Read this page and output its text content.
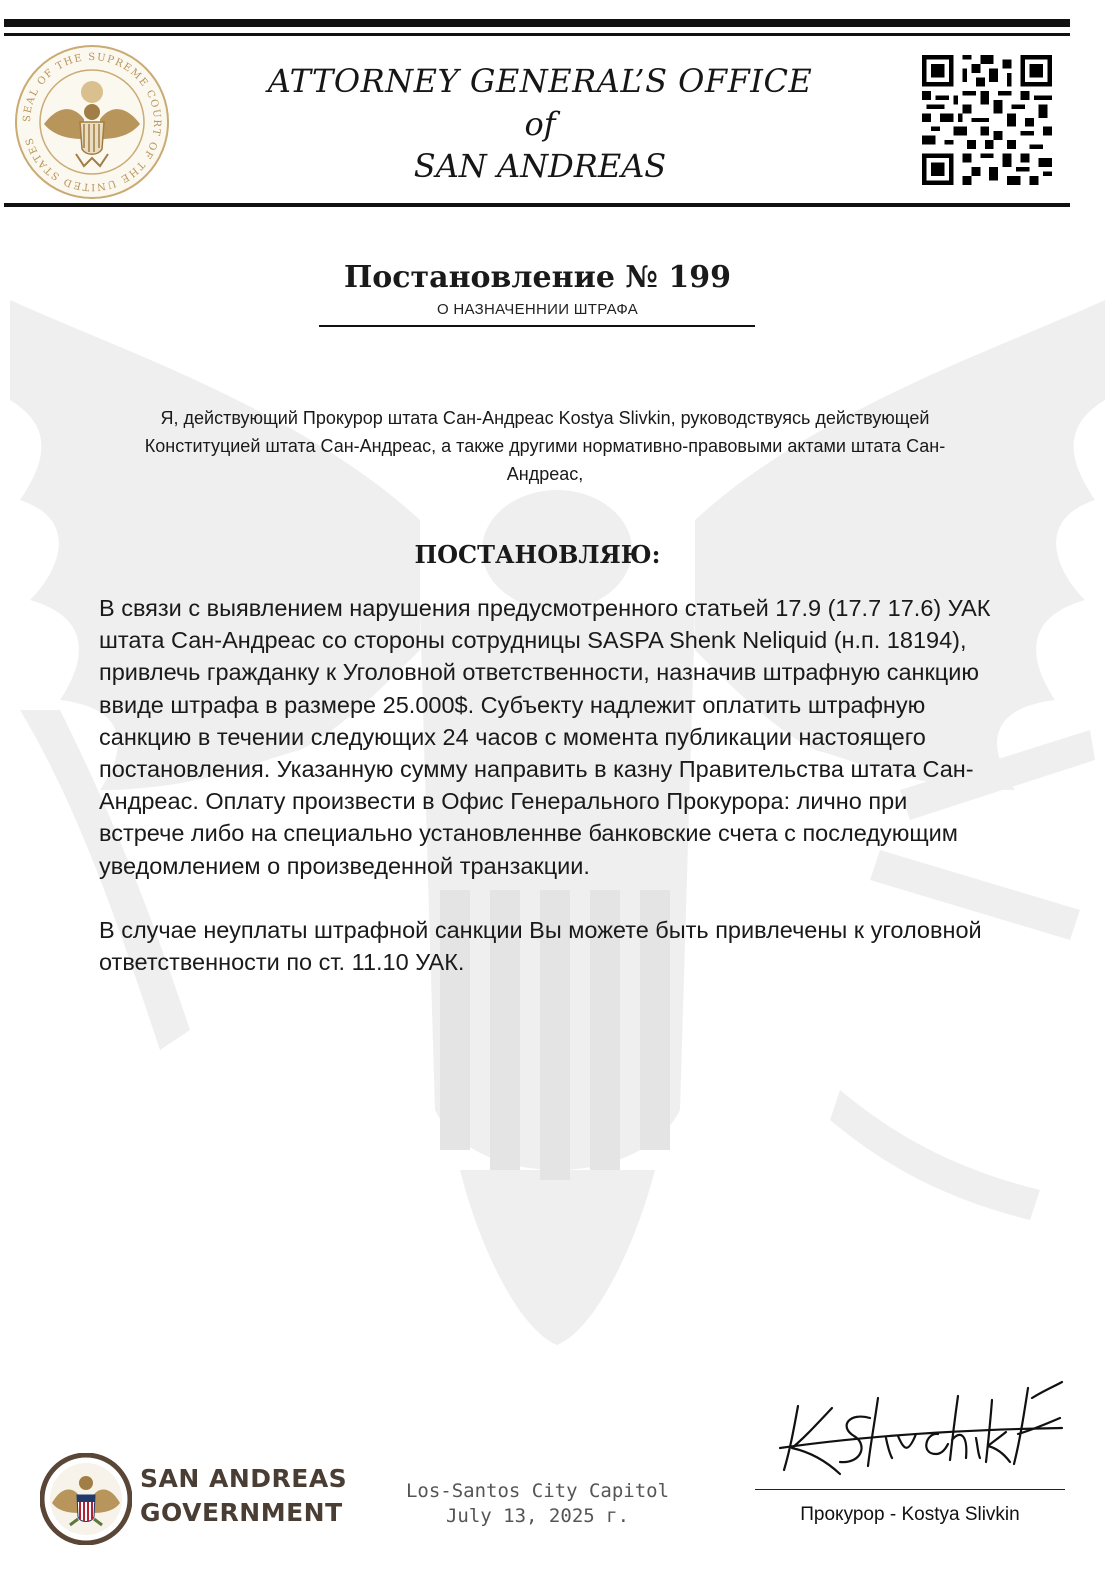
SEAL OF THE SUPREME COURT OF THE UNITED STATES
ATTORNEY GENERAL’S OFFICE
of
SAN ANDREAS
Постановление № 199
О НАЗНАЧЕННИИ ШТРАФА
Я, действующий Прокурор штата Сан-Андреас Kostya Slivkin, руководствуясь действующей Конституцией штата Сан-Андреас, а также другими нормативно-правовыми актами штата Сан-Андреас,
ПОСТАНОВЛЯЮ:

В связи с выявлением нарушения предусмотренного статьей 17.9 (17.7 17.6) УАК штата Сан-Андреас со стороны сотрудницы SASPA Shenk Neliquid (н.п. 18194), привлечь гражданку к Уголовной ответственности, назначив штрафную санкцию ввиде штрафа в размере 25.000$. Субъекту надлежит оплатить штрафную санкцию в течении следующих 24 часов с момента публикации настоящего постановления. Указанную сумму направить в казну Правительства штата Сан-Андреас. Оплату произвести в Офис Генерального Прокурора: лично при встрече либо на специально установленнве банковские счета с последующим уведомлением о произведенной транзакции.

В случае неуплаты штрафной санкции Вы можете быть привлечены к уголовной ответственности по ст. 11.10 УАК.

SAN ANDREAS
GOVERNMENT
Los-Santos City Capitol
July 13, 2025 г.	Прокурор - Kostya Slivkin
